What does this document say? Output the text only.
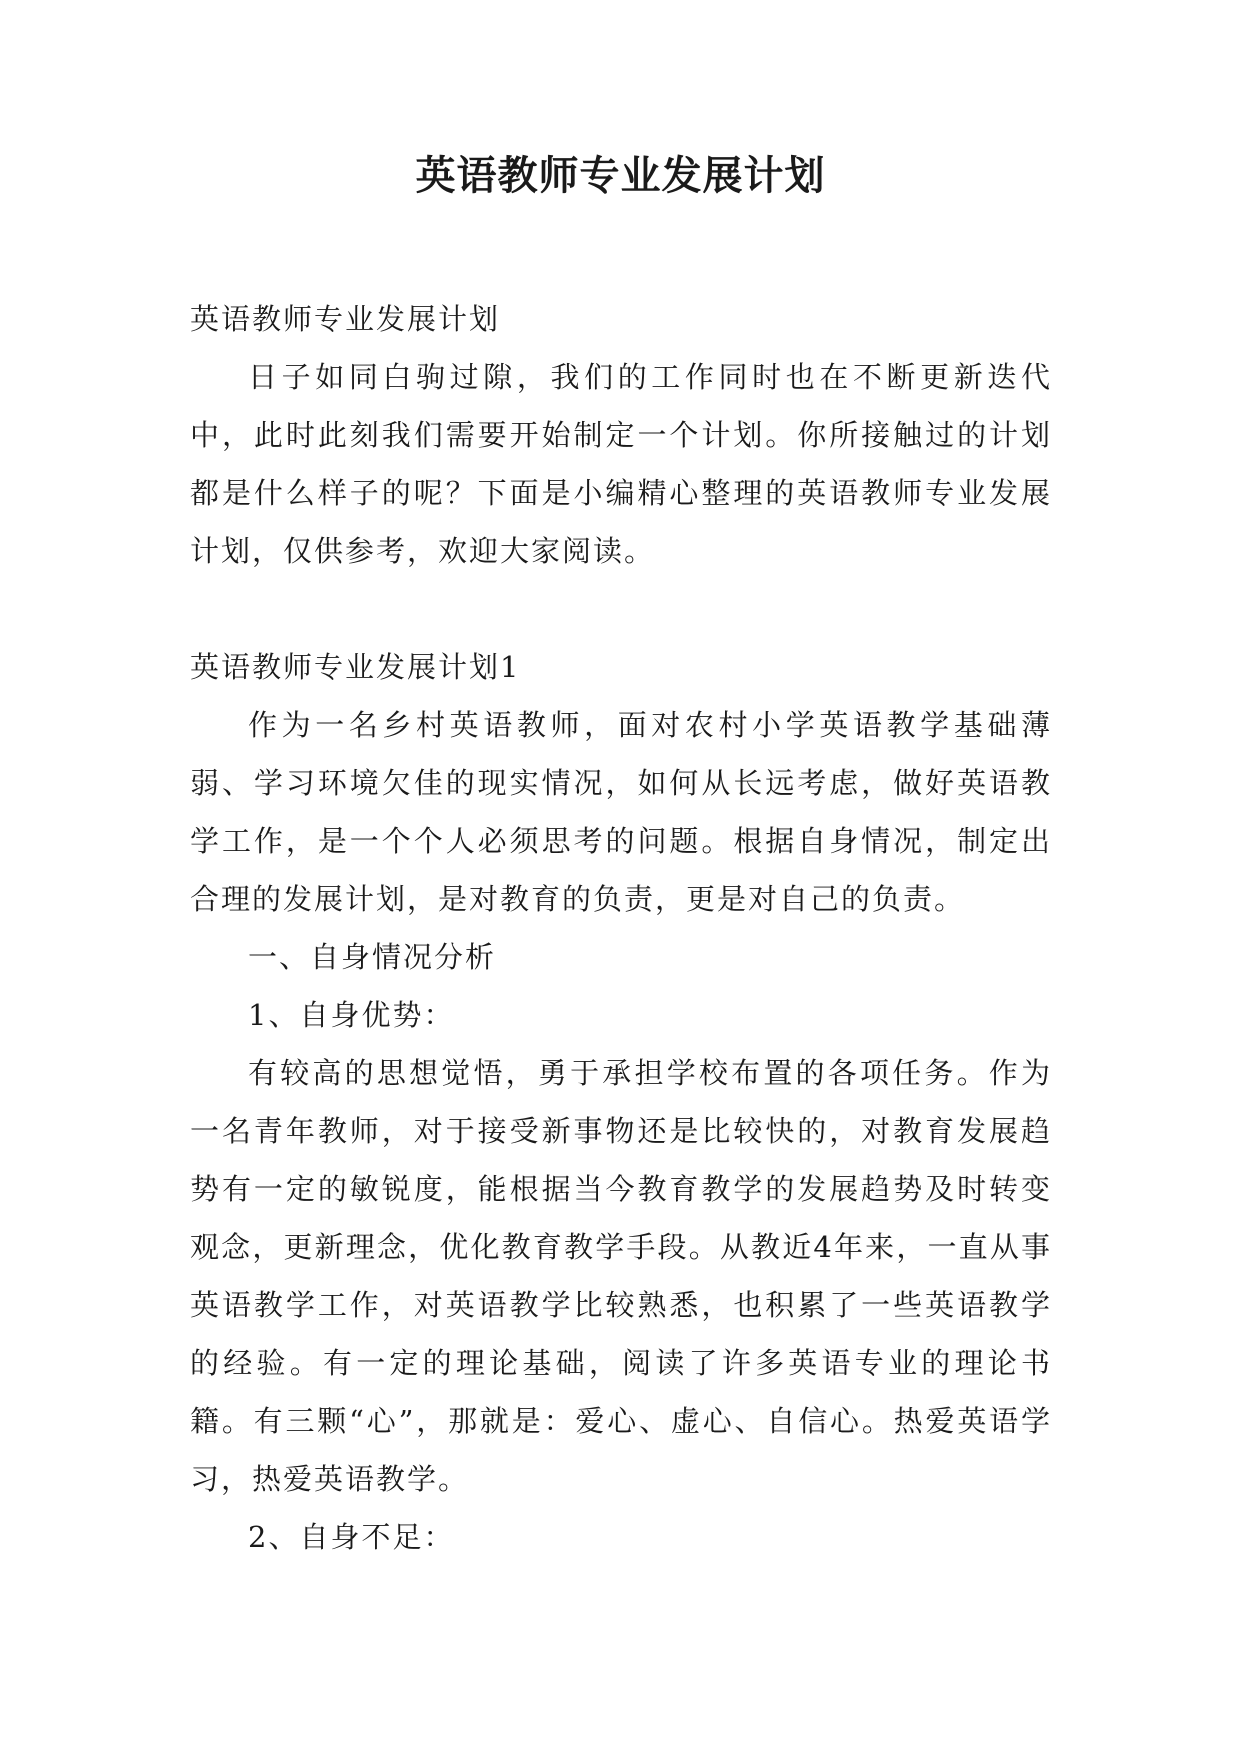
英语教师专业发展计划

英语教师专业发展计划

日子如同白驹过隙，我们的工作同时也在不断更新迭代中，此时此刻我们需要开始制定一个计划。你所接触过的计划都是什么样子的呢？下面是小编精心整理的英语教师专业发展计划，仅供参考，欢迎大家阅读。

英语教师专业发展计划1

作为一名乡村英语教师，面对农村小学英语教学基础薄弱、学习环境欠佳的现实情况，如何从长远考虑，做好英语教学工作，是一个个人必须思考的问题。根据自身情况，制定出合理的发展计划，是对教育的负责，更是对自己的负责。

一、自身情况分析

1、自身优势：

有较高的思想觉悟，勇于承担学校布置的各项任务。作为一名青年教师，对于接受新事物还是比较快的，对教育发展趋势有一定的敏锐度，能根据当今教育教学的发展趋势及时转变观念，更新理念，优化教育教学手段。从教近4年来，一直从事英语教学工作，对英语教学比较熟悉，也积累了一些英语教学的经验。有一定的理论基础，阅读了许多英语专业的理论书籍。有三颗“心”，那就是：爱心、虚心、自信心。热爱英语学习，热爱英语教学。

2、自身不足：
